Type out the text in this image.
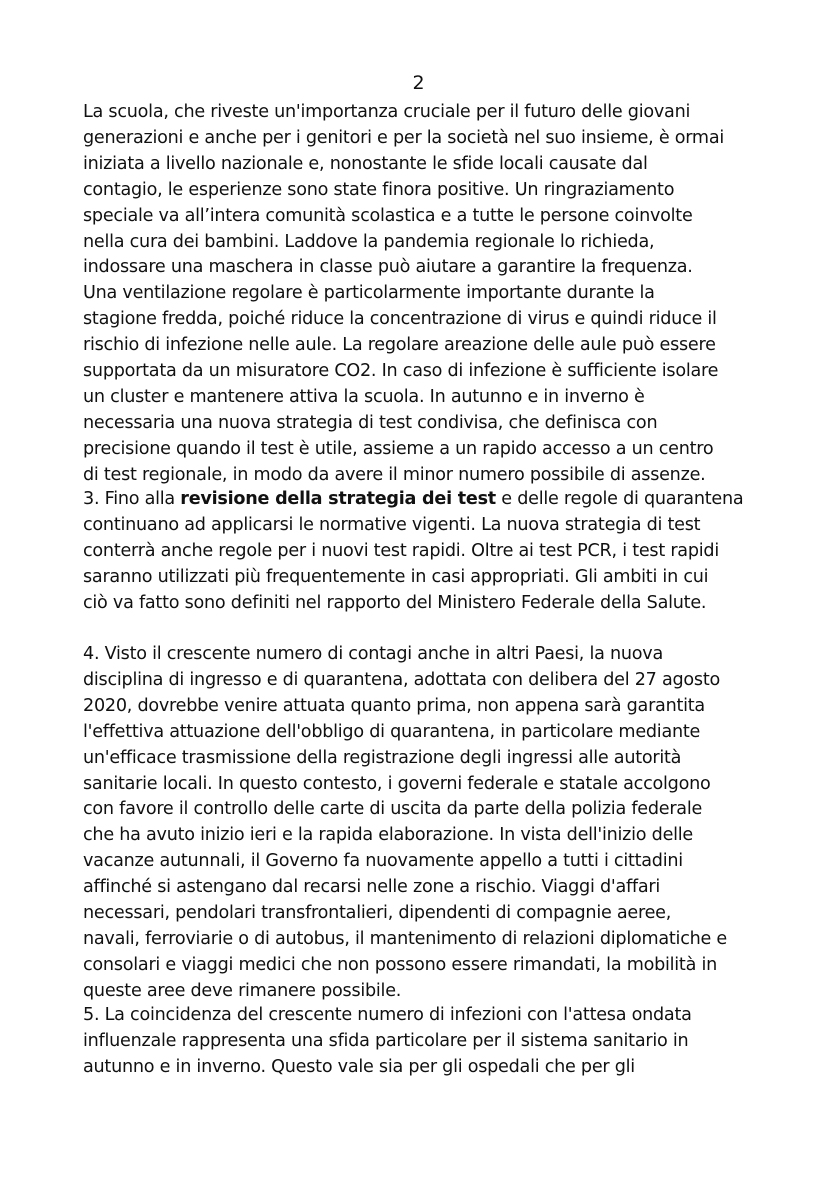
2
La scuola, che riveste un'importanza cruciale per il futuro delle giovani
generazioni e anche per i genitori e per la società nel suo insieme, è ormai
iniziata a livello nazionale e, nonostante le sfide locali causate dal
contagio, le esperienze sono state finora positive. Un ringraziamento
speciale va all’intera comunità scolastica e a tutte le persone coinvolte
nella cura dei bambini. Laddove la pandemia regionale lo richieda,
indossare una maschera in classe può aiutare a garantire la frequenza.
Una ventilazione regolare è particolarmente importante durante la
stagione fredda, poiché riduce la concentrazione di virus e quindi riduce il
rischio di infezione nelle aule. La regolare areazione delle aule può essere
supportata da un misuratore CO2. In caso di infezione è sufficiente isolare
un cluster e mantenere attiva la scuola. In autunno e in inverno è
necessaria una nuova strategia di test condivisa, che definisca con
precisione quando il test è utile, assieme a un rapido accesso a un centro
di test regionale, in modo da avere il minor numero possibile di assenze.
3. Fino alla revisione della strategia dei test e delle regole di quarantena
continuano ad applicarsi le normative vigenti. La nuova strategia di test
conterrà anche regole per i nuovi test rapidi. Oltre ai test PCR, i test rapidi
saranno utilizzati più frequentemente in casi appropriati. Gli ambiti in cui
ciò va fatto sono definiti nel rapporto del Ministero Federale della Salute.
4. Visto il crescente numero di contagi anche in altri Paesi, la nuova
disciplina di ingresso e di quarantena, adottata con delibera del 27 agosto
2020, dovrebbe venire attuata quanto prima, non appena sarà garantita
l'effettiva attuazione dell'obbligo di quarantena, in particolare mediante
un'efficace trasmissione della registrazione degli ingressi alle autorità
sanitarie locali. In questo contesto, i governi federale e statale accolgono
con favore il controllo delle carte di uscita da parte della polizia federale
che ha avuto inizio ieri e la rapida elaborazione. In vista dell'inizio delle
vacanze autunnali, il Governo fa nuovamente appello a tutti i cittadini
affinché si astengano dal recarsi nelle zone a rischio. Viaggi d'affari
necessari, pendolari transfrontalieri, dipendenti di compagnie aeree,
navali, ferroviarie o di autobus, il mantenimento di relazioni diplomatiche e
consolari e viaggi medici che non possono essere rimandati, la mobilità in
queste aree deve rimanere possibile.
5. La coincidenza del crescente numero di infezioni con l'attesa ondata
influenzale rappresenta una sfida particolare per il sistema sanitario in
autunno e in inverno. Questo vale sia per gli ospedali che per gli
